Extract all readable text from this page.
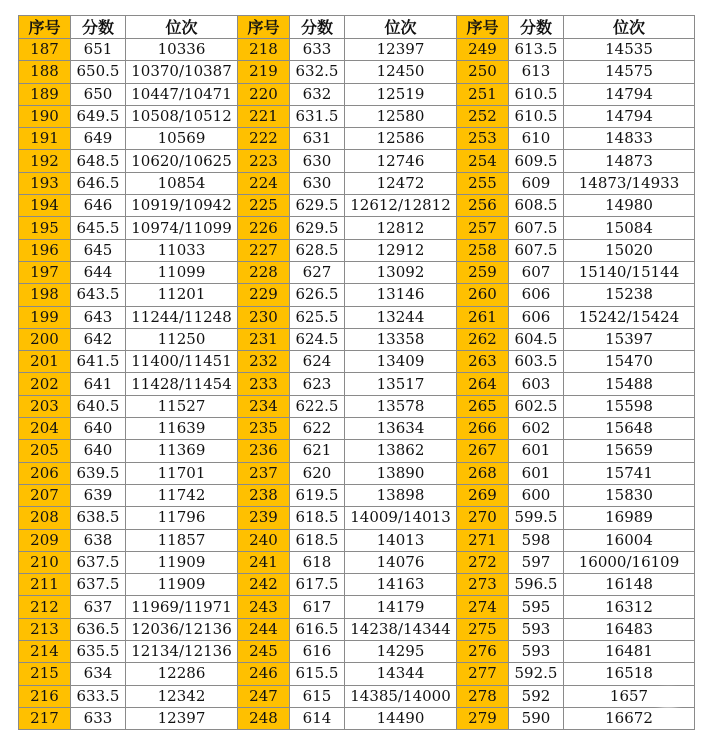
序号	分数	位次	序号	分数	位次	序号	分数	位次
187	651	10336	218	633	12397	249	613.5	14535
188	650.5	10370/10387	219	632.5	12450	250	613	14575
189	650	10447/10471	220	632	12519	251	610.5	14794
190	649.5	10508/10512	221	631.5	12580	252	610.5	14794
191	649	10569	222	631	12586	253	610	14833
192	648.5	10620/10625	223	630	12746	254	609.5	14873
193	646.5	10854	224	630	12472	255	609	14873/14933
194	646	10919/10942	225	629.5	12612/12812	256	608.5	14980
195	645.5	10974/11099	226	629.5	12812	257	607.5	15084
196	645	11033	227	628.5	12912	258	607.5	15020
197	644	11099	228	627	13092	259	607	15140/15144
198	643.5	11201	229	626.5	13146	260	606	15238
199	643	11244/11248	230	625.5	13244	261	606	15242/15424
200	642	11250	231	624.5	13358	262	604.5	15397
201	641.5	11400/11451	232	624	13409	263	603.5	15470
202	641	11428/11454	233	623	13517	264	603	15488
203	640.5	11527	234	622.5	13578	265	602.5	15598
204	640	11639	235	622	13634	266	602	15648
205	640	11369	236	621	13862	267	601	15659
206	639.5	11701	237	620	13890	268	601	15741
207	639	11742	238	619.5	13898	269	600	15830
208	638.5	11796	239	618.5	14009/14013	270	599.5	16989
209	638	11857	240	618.5	14013	271	598	16004
210	637.5	11909	241	618	14076	272	597	16000/16109
211	637.5	11909	242	617.5	14163	273	596.5	16148
212	637	11969/11971	243	617	14179	274	595	16312
213	636.5	12036/12136	244	616.5	14238/14344	275	593	16483
214	635.5	12134/12136	245	616	14295	276	593	16481
215	634	12286	246	615.5	14344	277	592.5	16518
216	633.5	12342	247	615	14385/14000	278	592	1657
217	633	12397	248	614	14490	279	590	16672
